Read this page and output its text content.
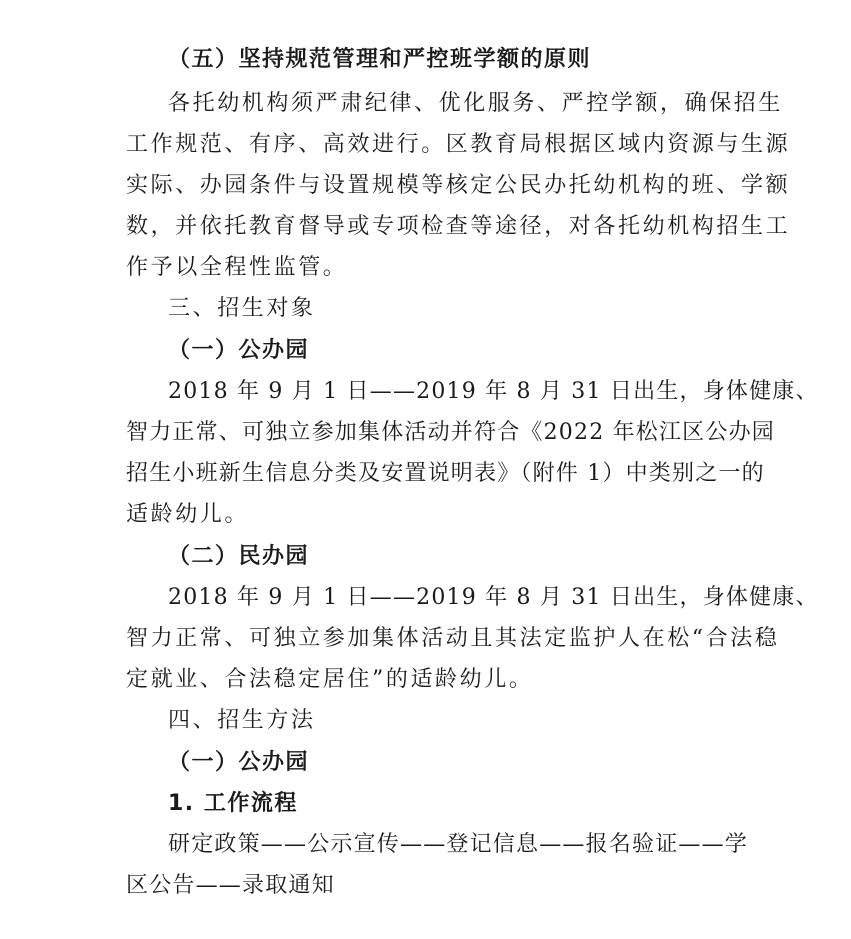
（五）坚持规范管理和严控班学额的原则
各托幼机构须严肃纪律、优化服务、严控学额，确保招生
工作规范、有序、高效进行。区教育局根据区域内资源与生源
实际、办园条件与设置规模等核定公民办托幼机构的班、学额
数，并依托教育督导或专项检查等途径，对各托幼机构招生工
作予以全程性监管。
三、招生对象
（一）公办园
2018 年 9 月 1 日——2019 年 8 月 31 日出生，身体健康、
智力正常、可独立参加集体活动并符合《2022 年松江区公办园
招生小班新生信息分类及安置说明表》（附件 1）中类别之一的
适龄幼儿。
（二）民办园
2018 年 9 月 1 日——2019 年 8 月 31 日出生，身体健康、
智力正常、可独立参加集体活动且其法定监护人在松“合法稳
定就业、合法稳定居住”的适龄幼儿。
四、招生方法
（一）公办园
1. 工作流程
研定政策——公示宣传——登记信息——报名验证——学
区公告——录取通知
